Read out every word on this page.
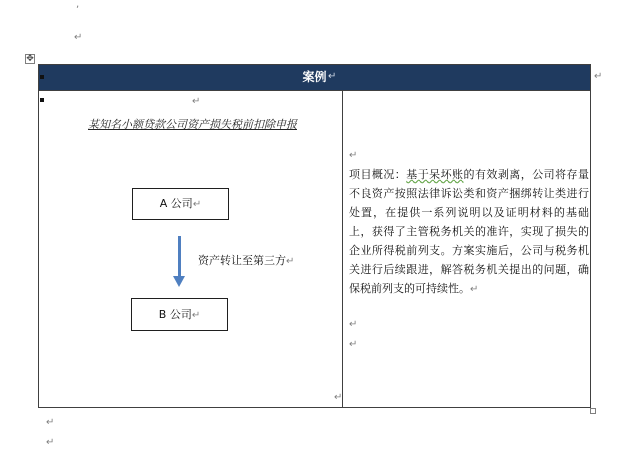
,
↵
✥
案例 ↵	↵
↵
某知名小额贷款公司资产损失税前扣除申报
A 公司↵
资产转让至第三方↵
B 公司↵
↵
↵
项目概况：基于呆坏账的有效剥离，公司将存量不良资产按照法律诉讼类和资产捆绑转让类进行处置，在提供一系列说明以及证明材料的基础上，获得了主管税务机关的准许，实现了损失的企业所得税前列支。方案实施后，公司与税务机关进行后续跟进，解答税务机关提出的问题，确保税前列支的可持续性。↵
↵
↵
↵
↵
